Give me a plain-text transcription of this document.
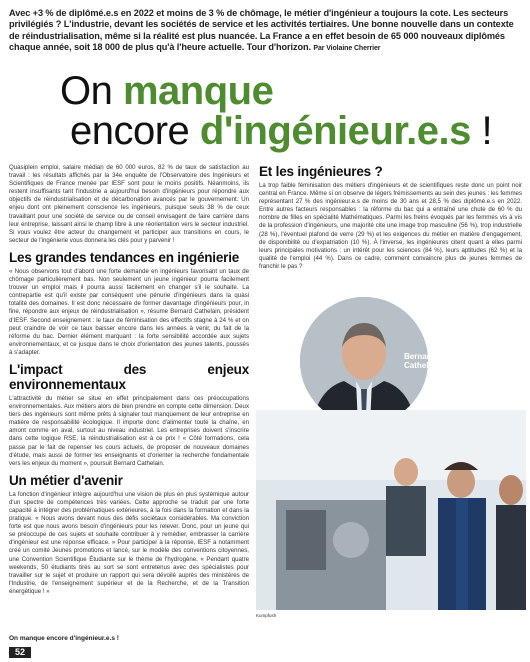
Avec +3 % de diplômé.e.s en 2022 et moins de 3 % de chômage, le métier d'ingénieur a toujours la cote. Les secteurs privilégiés ? L'industrie, devant les sociétés de service et les activités tertiaires. Une bonne nouvelle dans un contexte de réindustrialisation, même si la réalité est plus nuancée. La France a en effet besoin de 65 000 nouveaux diplômés chaque année, soit 18 000 de plus qu'à l'heure actuelle. Tour d'horizon. Par Violaine Cherrier
On manque
encore d'ingénieur.e.s !

Quasiplein emploi, salaire médian de 60 000 euros, 82 % de taux de satisfaction au travail : les résultats affichés par la 34e enquête de l'Observatoire des Ingénieurs et Scientifiques de France menée par IESF sont pour le moins positifs. Néanmoins, ils restent insuffisants tant l'industrie a aujourd'hui besoin d'ingénieurs pour répondre aux objectifs de réindustrialisation et de décarbonation avancés par le gouvernement. Un enjeu dont ont pleinement conscience les ingénieurs, puisque seuls 38 % de ceux travaillant pour une société de service ou de conseil envisagent de faire carrière dans leur entreprise, laissant ainsi le champ libre à une réorientation vers le secteur industriel. Si vous voulez être acteur du changement et participer aux transitions en cours, le secteur de l'ingénierie vous donnera les clés pour y parvenir !

Les grandes tendances en ingénierie

« Nous observons tout d'abord une forte demande en ingénieurs favorisant un taux de chômage particulièrement bas. Non seulement un jeune ingénieur pourra facilement trouver un emploi mais il pourra aussi facilement en changer s'il le souhaite. La contrepartie est qu'il existe par conséquent une pénurie d'ingénieurs dans la quasi totalité des domaines. Il est donc nécessaire de former davantage d'ingénieurs pour, in fine, répondre aux enjeux de réindustrialisation », résume Bernard Cathelain, président d'IESF. Second enseignement : le taux de féminisation des effectifs stagne à 24 % et on peut craindre de voir ce taux baisser encore dans les années à venir, du fait de la réforme du bac. Dernier élément marquant : la forte sensibilité accordée aux sujets environnementaux, et ce jusque dans le choix d'orientation des jeunes talents, poussés à s'adapter.

L'impact des enjeux environnementaux

L'attractivité du métier se situe en effet principalement dans ces préoccupations environnementales. Aux métiers alors de bien prendre en compte cette dimension. Deux tiers des ingénieurs sont même prêts à signaler tout manquement de leur entreprise en matière de responsabilité écologique. Il importe donc d'alimenter toute la chaîne, en amont comme en aval, surtout au niveau industriel. Les entreprises doivent s'inscrire dans cette logique RSE, la réindustrialisation est à ce prix ! « Côté formations, cela passe par le fait de repenser les cours actuels, de proposer de nouveaux domaines d'étude, mais aussi de former les enseignants et d'orienter la recherche fondamentale vers les enjeux du moment », poursuit Bernard Cathelain.

Un métier d'avenir

La fonction d'ingénieur intègre aujourd'hui une vision de plus en plus systémique autour d'un spectre de compétences très variées. Cette approche se traduit par une forte capacité à intégrer des problématiques extérieures, à la fois dans la formation et dans la pratique. « Nous avons devant nous des défis sociétaux considérables. Ma conviction forte est que nous avons besoin d'ingénieurs pour les relever. Donc, pour un jeune qui se préoccupe de ces sujets et souhaite contribuer à y remédier, embrasser la carrière d'ingénieur est une réponse efficace. » Pour participer à la réponse, IESF a notamment créé un comité Jeunes promotions et lancé, sur le modèle des conventions citoyennes, une Convention Scientifique Étudiante sur le thème de l'hydrogène. « Pendant quatre weekends, 50 étudiants tirés au sort se sont entretenus avec des spécialistes pour travailler sur le sujet et produire un rapport qui sera dévoilé auprès des ministères de l'Industrie, de l'enseignement supérieur et de la Recherche, et de la Transition énergétique ! »

Et les ingénieures ?

La trop faible féminisation des métiers d'ingénieurs et de scientifiques reste donc un point noir central en France. Même si on observe de légers frémissements au sein des jeunes : les femmes représentant 27 % des ingénieur.e.s de moins de 30 ans et 28,5 % des diplômé.e.s en 2022. Entre autres facteurs responsables : la réforme du bac qui a entraîné une chute de 60 % du nombre de filles en spécialité Mathématiques. Parmi les freins évoqués par les femmes vis à vis de la profession d'ingénieurs, une majorité cite une image trop masculine (56 %), trop industrielle (28 %), l'éventuel plafond de verre (29 %) et les exigences du métier en matière d'engagement, de disponibilité ou d'expatriation (10 %). À l'inverse, les ingénieures citent quant à elles parmi leurs principales motivations : un intérêt pour les sciences (84 %), leurs aptitudes (62 %) et la qualité de l'emploi (44 %). Dans ce cadre, comment convaincre plus de jeunes femmes de franchir le pas ?

Bernard
Cathelain
Kumpfush
On manque encore d'ingénieur.e.s !
52
